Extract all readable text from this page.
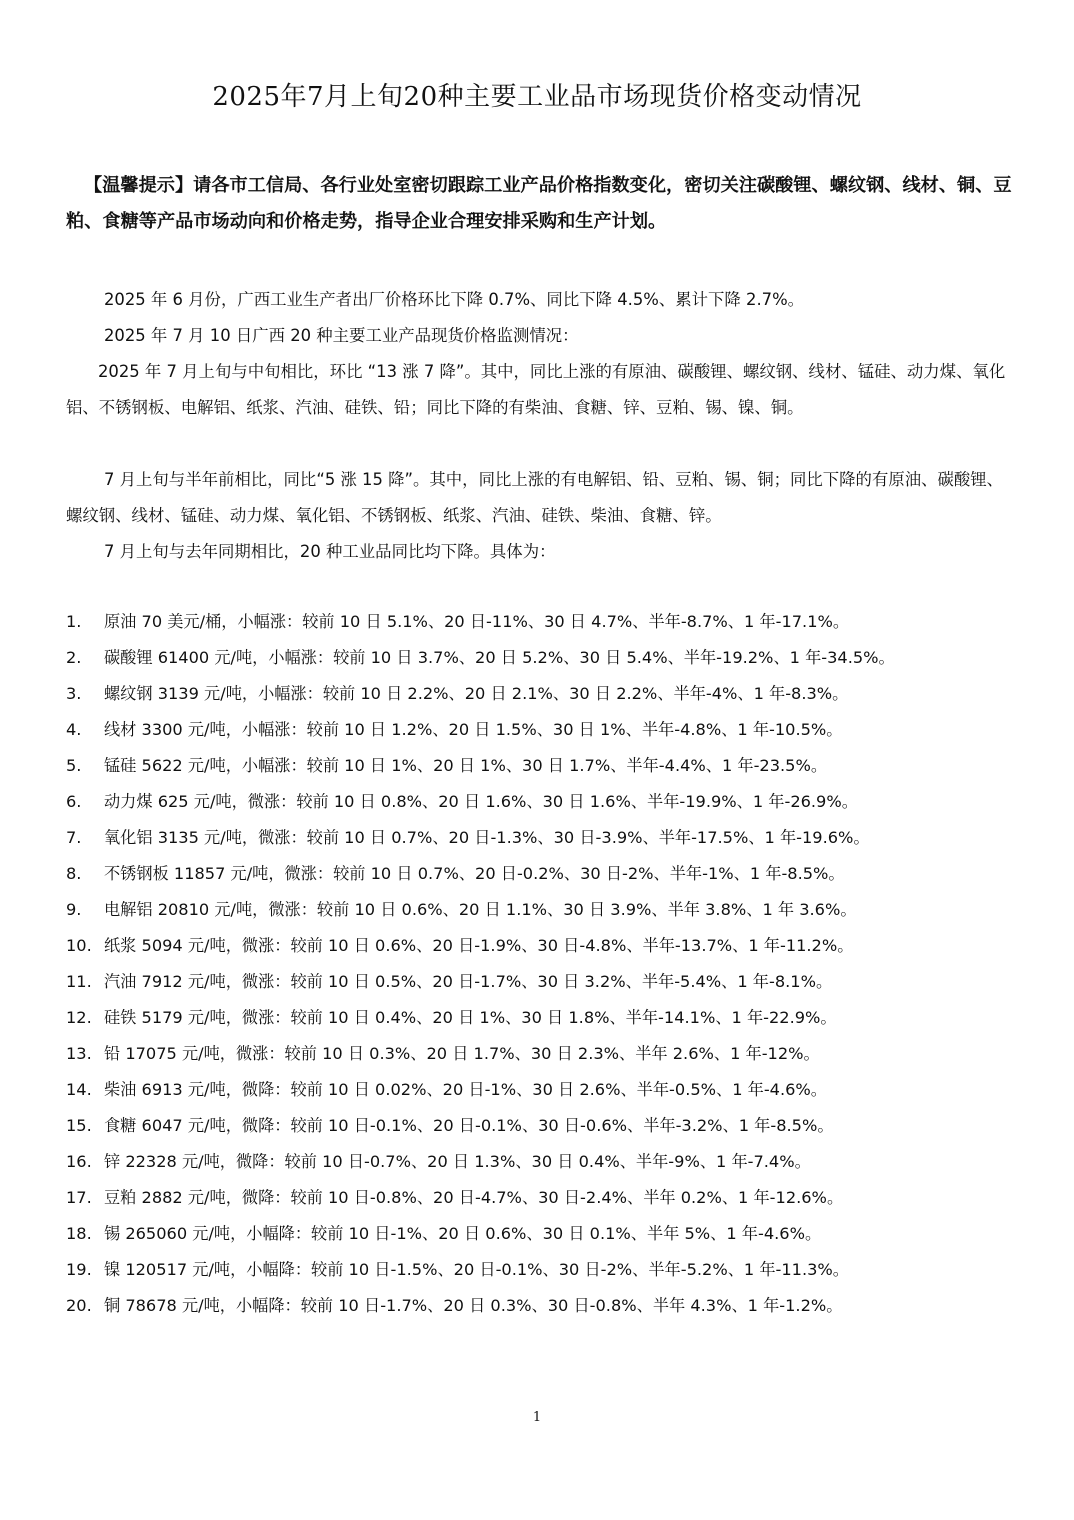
2025年7月上旬20种主要工业品市场现货价格变动情况

【温馨提示】请各市工信局、各行业处室密切跟踪工业产品价格指数变化，密切关注碳酸锂、螺纹钢、线材、铜、豆粕、食糖等产品市场动向和价格走势，指导企业合理安排采购和生产计划。

2025 年 6 月份，广西工业生产者出厂价格环比下降 0.7%、同比下降 4.5%、累计下降 2.7%。

2025 年 7 月 10 日广西 20 种主要工业产品现货价格监测情况：

2025 年 7 月上旬与中旬相比，环比 “13 涨 7 降”。其中，同比上涨的有原油、碳酸锂、螺纹钢、线材、锰硅、动力煤、氧化铝、不锈钢板、电解铝、纸浆、汽油、硅铁、铅；同比下降的有柴油、食糖、锌、豆粕、锡、镍、铜。

7 月上旬与半年前相比，同比“5 涨 15 降”。其中，同比上涨的有电解铝、铅、豆粕、锡、铜；同比下降的有原油、碳酸锂、螺纹钢、线材、锰硅、动力煤、氧化铝、不锈钢板、纸浆、汽油、硅铁、柴油、食糖、锌。

7 月上旬与去年同期相比，20 种工业品同比均下降。具体为：

1. 原油 70 美元/桶，小幅涨：较前 10 日 5.1%、20 日-11%、30 日 4.7%、半年-8.7%、1 年-17.1%。
2. 碳酸锂 61400 元/吨，小幅涨：较前 10 日 3.7%、20 日 5.2%、30 日 5.4%、半年-19.2%、1 年-34.5%。
3. 螺纹钢 3139 元/吨，小幅涨：较前 10 日 2.2%、20 日 2.1%、30 日 2.2%、半年-4%、1 年-8.3%。
4. 线材 3300 元/吨，小幅涨：较前 10 日 1.2%、20 日 1.5%、30 日 1%、半年-4.8%、1 年-10.5%。
5. 锰硅 5622 元/吨，小幅涨：较前 10 日 1%、20 日 1%、30 日 1.7%、半年-4.4%、1 年-23.5%。
6. 动力煤 625 元/吨，微涨：较前 10 日 0.8%、20 日 1.6%、30 日 1.6%、半年-19.9%、1 年-26.9%。
7. 氧化铝 3135 元/吨，微涨：较前 10 日 0.7%、20 日-1.3%、30 日-3.9%、半年-17.5%、1 年-19.6%。
8. 不锈钢板 11857 元/吨，微涨：较前 10 日 0.7%、20 日-0.2%、30 日-2%、半年-1%、1 年-8.5%。
9. 电解铝 20810 元/吨，微涨：较前 10 日 0.6%、20 日 1.1%、30 日 3.9%、半年 3.8%、1 年 3.6%。
10. 纸浆 5094 元/吨，微涨：较前 10 日 0.6%、20 日-1.9%、30 日-4.8%、半年-13.7%、1 年-11.2%。
11. 汽油 7912 元/吨，微涨：较前 10 日 0.5%、20 日-1.7%、30 日 3.2%、半年-5.4%、1 年-8.1%。
12. 硅铁 5179 元/吨，微涨：较前 10 日 0.4%、20 日 1%、30 日 1.8%、半年-14.1%、1 年-22.9%。
13. 铅 17075 元/吨，微涨：较前 10 日 0.3%、20 日 1.7%、30 日 2.3%、半年 2.6%、1 年-12%。
14. 柴油 6913 元/吨，微降：较前 10 日 0.02%、20 日-1%、30 日 2.6%、半年-0.5%、1 年-4.6%。
15. 食糖 6047 元/吨，微降：较前 10 日-0.1%、20 日-0.1%、30 日-0.6%、半年-3.2%、1 年-8.5%。
16. 锌 22328 元/吨，微降：较前 10 日-0.7%、20 日 1.3%、30 日 0.4%、半年-9%、1 年-7.4%。
17. 豆粕 2882 元/吨，微降：较前 10 日-0.8%、20 日-4.7%、30 日-2.4%、半年 0.2%、1 年-12.6%。
18. 锡 265060 元/吨，小幅降：较前 10 日-1%、20 日 0.6%、30 日 0.1%、半年 5%、1 年-4.6%。
19. 镍 120517 元/吨，小幅降：较前 10 日-1.5%、20 日-0.1%、30 日-2%、半年-5.2%、1 年-11.3%。
20. 铜 78678 元/吨，小幅降：较前 10 日-1.7%、20 日 0.3%、30 日-0.8%、半年 4.3%、1 年-1.2%。
1
